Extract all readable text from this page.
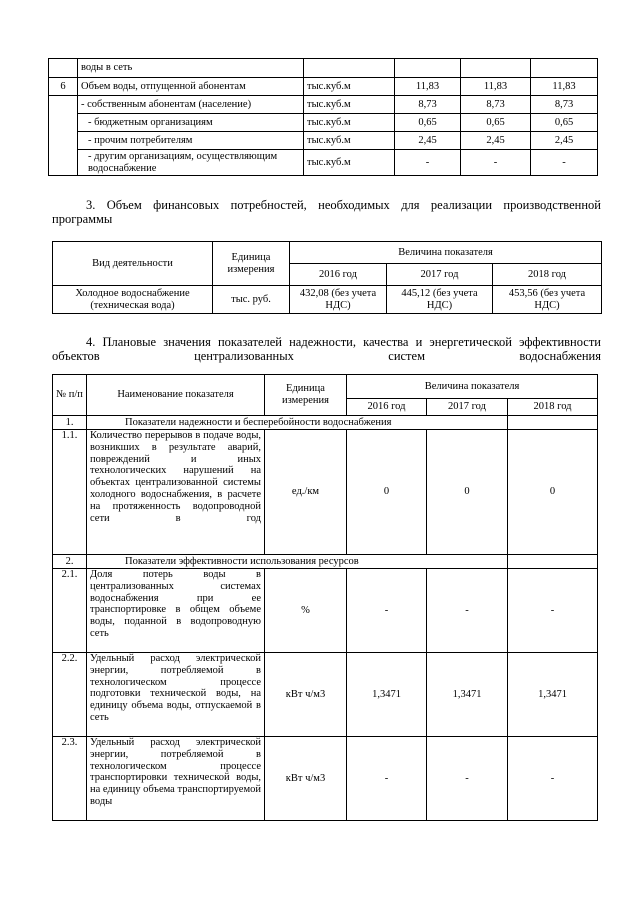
	воды в сеть				
6	Объем воды, отпущенной абонентам	тыс.куб.м	11,83	11,83	11,83
	- собственным абонентам (население)	тыс.куб.м	8,73	8,73	8,73
	- бюджетным организациям	тыс.куб.м	0,65	0,65	0,65
	- прочим потребителям	тыс.куб.м	2,45	2,45	2,45
	- другим организациям, осуществляющим водоснабжение	тыс.куб.м	-	-	-
3. Объем финансовых потребностей, необходимых для реализации производственной программы
Вид деятельности	Единица измерения	Величина показателя		
		2016 год	2017 год	2018 год
Холодное водоснабжение (техническая вода)	тыс. руб.	432,08 (без учета НДС)	445,12 (без учета НДС)	453,56 (без учета НДС)
4. Плановые значения показателей надежности, качества и энергетической эффективности объектов централизованных систем водоснабжения
№ п/п	Наименование показателя	Единица измерения	Величина показателя		
			2016 год	2017 год	2018 год
1.	Показатели надежности и бесперебойности водоснабжения				
1.1.	Количество перерывов в подаче воды, возникших в результате аварий, повреждений и иных технологических нарушений на объектах централизованной системы холодного водоснабжения, в расчете на протяженность водопроводной сети в год	ед./км	0	0	0
2.	Показатели эффективности использования ресурсов				
2.1.	Доля потерь воды в централизованных системах водоснабжения при ее транспортировке в общем объеме воды, поданной в водопроводную сеть	%	-	-	-
2.2.	Удельный расход электрической энергии, потребляемой в технологическом процессе подготовки технической воды, на единицу объема воды, отпускаемой в сеть	кВт ч/м3	1,3471	1,3471	1,3471
2.3.	Удельный расход электрической энергии, потребляемой в технологическом процессе транспортировки технической воды, на единицу объема транспортируемой воды	кВт ч/м3	-	-	-
